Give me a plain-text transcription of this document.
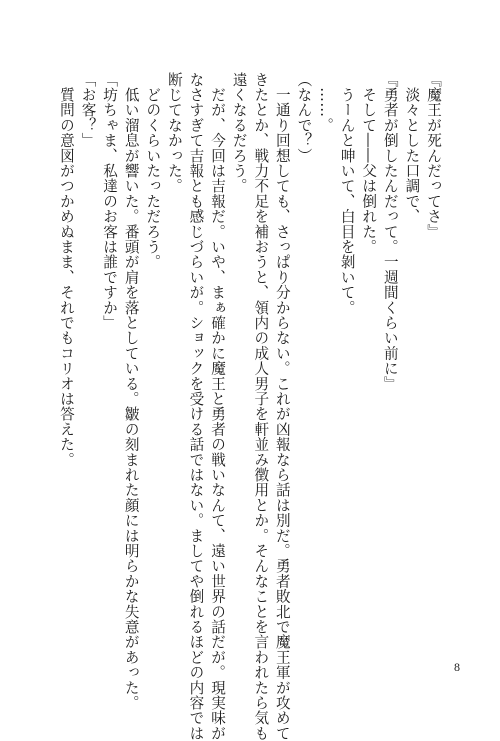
『魔王が死んだってさ』
　淡々とした口調で、
『勇者が倒したんだって。一週間くらい前に』
　そして――父は倒れた。
　うーんと呻いて、白目を剝いて。
　……。
（なんで？）
　一通り回想しても、さっぱり分からない。これが凶報なら話は別だ。勇者敗北で魔王軍が攻めて
きたとか、戦力不足を補おうと、領内の成人男子を軒並み徴用とか。そんなことを言われたら気も
遠くなるだろう。
　だが、今回は吉報だ。いや、まぁ確かに魔王と勇者の戦いなんて、遠い世界の話だが。現実味が
なさすぎて吉報とも感じづらいが。ショックを受ける話ではない。ましてや倒れるほどの内容では
断じてなかった。
　どのくらいたっただろう。
　低い溜息が響いた。番頭が肩を落としている。皺の刻まれた顔には明らかな失意があった。
「坊ちゃま、私達のお客は誰ですか」
「お客？」
　質問の意図がつかめぬまま、それでもコリオは答えた。
8
